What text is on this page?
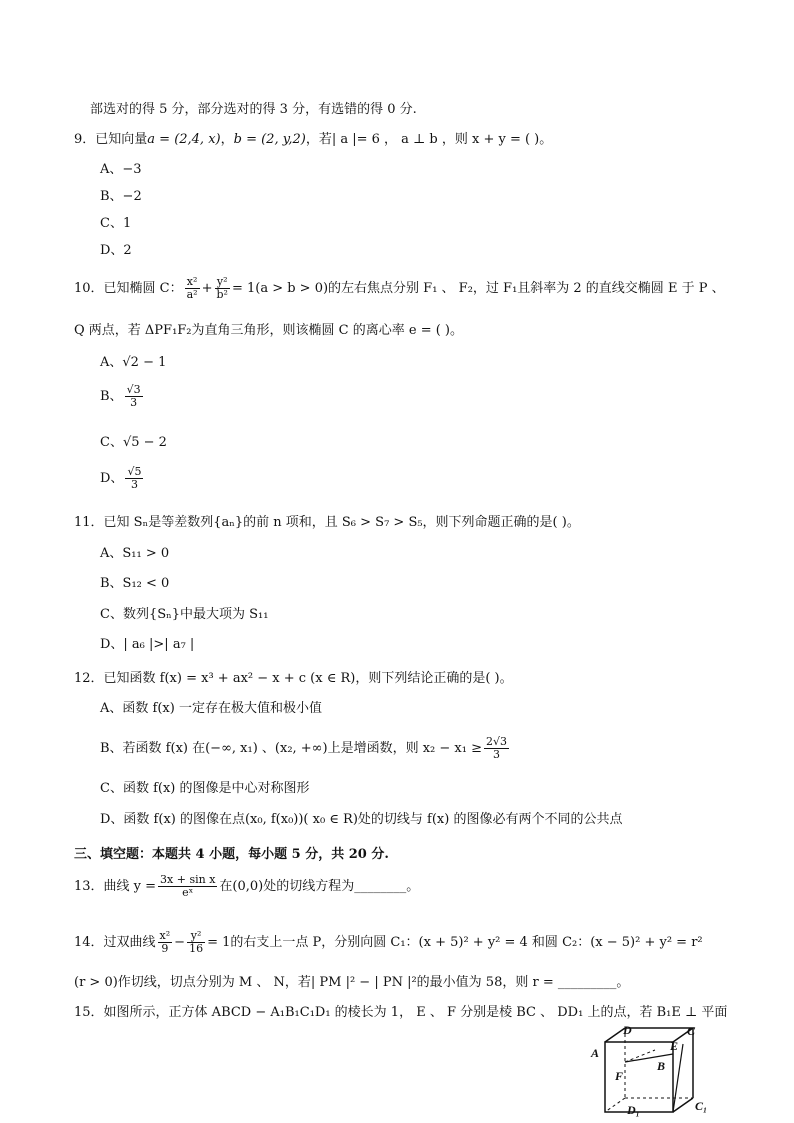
部选对的得 5 分，部分选对的得 3 分，有选错的得 0 分.
9．已知向量a = (2,4, x)，b = (2, y,2)，若| a |= 6 ， a ⊥ b ，则 x + y = ( )。
A、−3
B、−2
C、1
D、2
10．已知椭圆 C： $\frac{\text{x²}}{\text{a²}} + \frac{\text{y²}}{\text{b²}} = 1(a > b > 0)$的左右焦点分别 F₁ 、 F₂，过 F₁且斜率为 2 的直线交椭圆 E 于 P 、
Q 两点，若 ΔPF₁F₂为直角三角形，则该椭圆 C 的离心率 e = ( )。
A、√2 − 1
B、 $\frac{√3}{3}$
C、√5 − 2
D、 $\frac{√5}{3}$
11．已知 Sₙ是等差数列{aₙ}的前 n 项和，且 S₆ > S₇ > S₅，则下列命题正确的是( )。
A、S₁₁ > 0
B、S₁₂ < 0
C、数列{Sₙ}中最大项为 S₁₁
D、| a₆ |>| a₇ |
12．已知函数 f(x) = x³ + ax² − x + c (x ∈ R)，则下列结论正确的是( )。
A、函数 f(x) 一定存在极大值和极小值
B、若函数 f(x) 在(−∞, x₁) 、(x₂, +∞)上是增函数，则 $x_2 - x_1 \ge \frac{2√3}{3}$
C、函数 f(x) 的图像是中心对称图形
D、函数 f(x) 的图像在点(x₀, f(x₀))( x₀ ∈ R)处的切线与 f(x) 的图像必有两个不同的公共点
三、填空题：本题共 4 小题，每小题 5 分，共 20 分.
13．曲线 $y = \frac{\text{3x + sin x}}{\text{eˣ}}$ 在(0,0)处的切线方程为________。
14．过双曲线 $\frac{\text{x²}}{9} - \frac{\text{y²}}{16} = 1$的右支上一点 P，分别向圆 C₁：(x + 5)² + y² = 4 和圆 C₂：(x − 5)² + y² = r²
(r > 0)作切线，切点分别为 M 、 N，若| PM |² − | PN |²的最小值为 58，则 r = _________。
15．如图所示，正方体 ABCD − A₁B₁C₁D₁ 的棱长为 1， E 、 F 分别是棱 BC 、 DD₁ 上的点，若 B₁E ⊥ 平面
A
B
C
D
E
F
C₁
D₁
